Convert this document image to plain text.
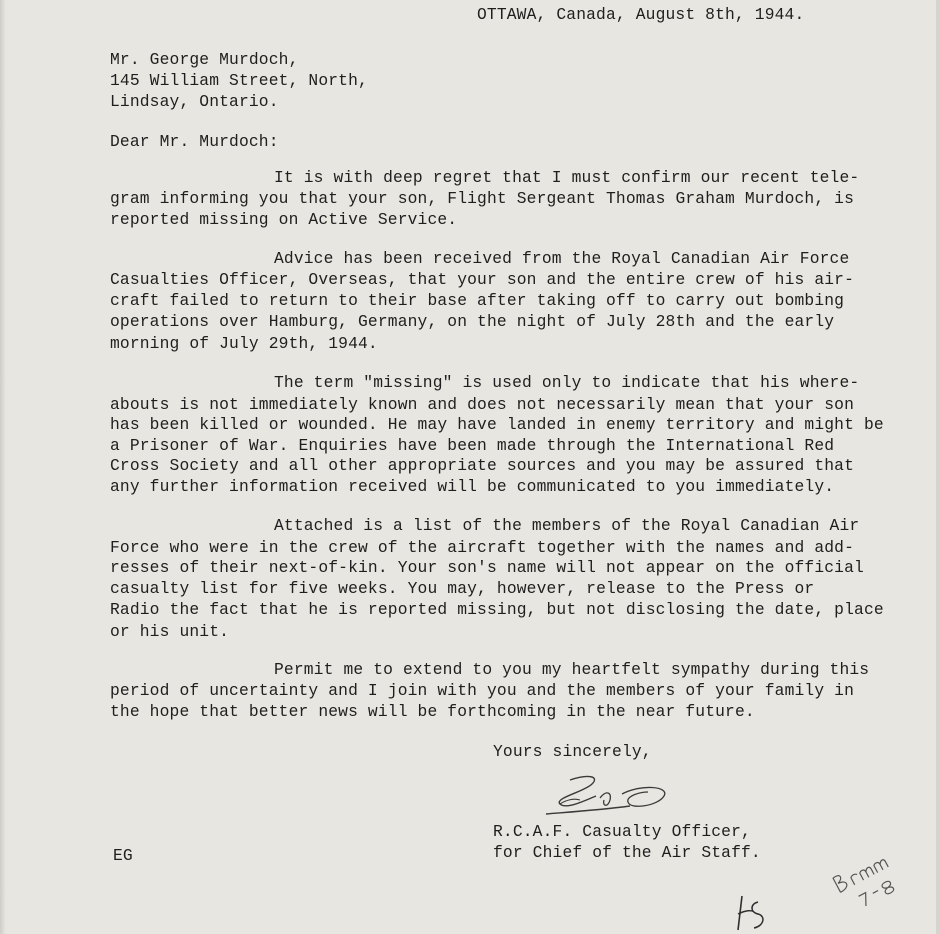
OTTAWA, Canada, August 8th, 1944.
Mr. George Murdoch,
145 William Street, North,
Lindsay, Ontario.
Dear Mr. Murdoch:
It is with deep regret that I must confirm our recent tele-
gram informing you that your son, Flight Sergeant Thomas Graham Murdoch, is
reported missing on Active Service.
Advice has been received from the Royal Canadian Air Force
Casualties Officer, Overseas, that your son and the entire crew of his air-
craft failed to return to their base after taking off to carry out bombing
operations over Hamburg, Germany, on the night of July 28th and the early
morning of July 29th, 1944.
The term "missing" is used only to indicate that his where-
abouts is not immediately known and does not necessarily mean that your son
has been killed or wounded. He may have landed in enemy territory and might be
a Prisoner of War. Enquiries have been made through the International Red
Cross Society and all other appropriate sources and you may be assured that
any further information received will be communicated to you immediately.
Attached is a list of the members of the Royal Canadian Air
Force who were in the crew of the aircraft together with the names and add-
resses of their next-of-kin. Your son's name will not appear on the official
casualty list for five weeks. You may, however, release to the Press or
Radio the fact that he is reported missing, but not disclosing the date, place
or his unit.
Permit me to extend to you my heartfelt sympathy during this
period of uncertainty and I join with you and the members of your family in
the hope that better news will be forthcoming in the near future.
Yours sincerely,
R.C.A.F. Casualty Officer,
for Chief of the Air Staff.
EG
